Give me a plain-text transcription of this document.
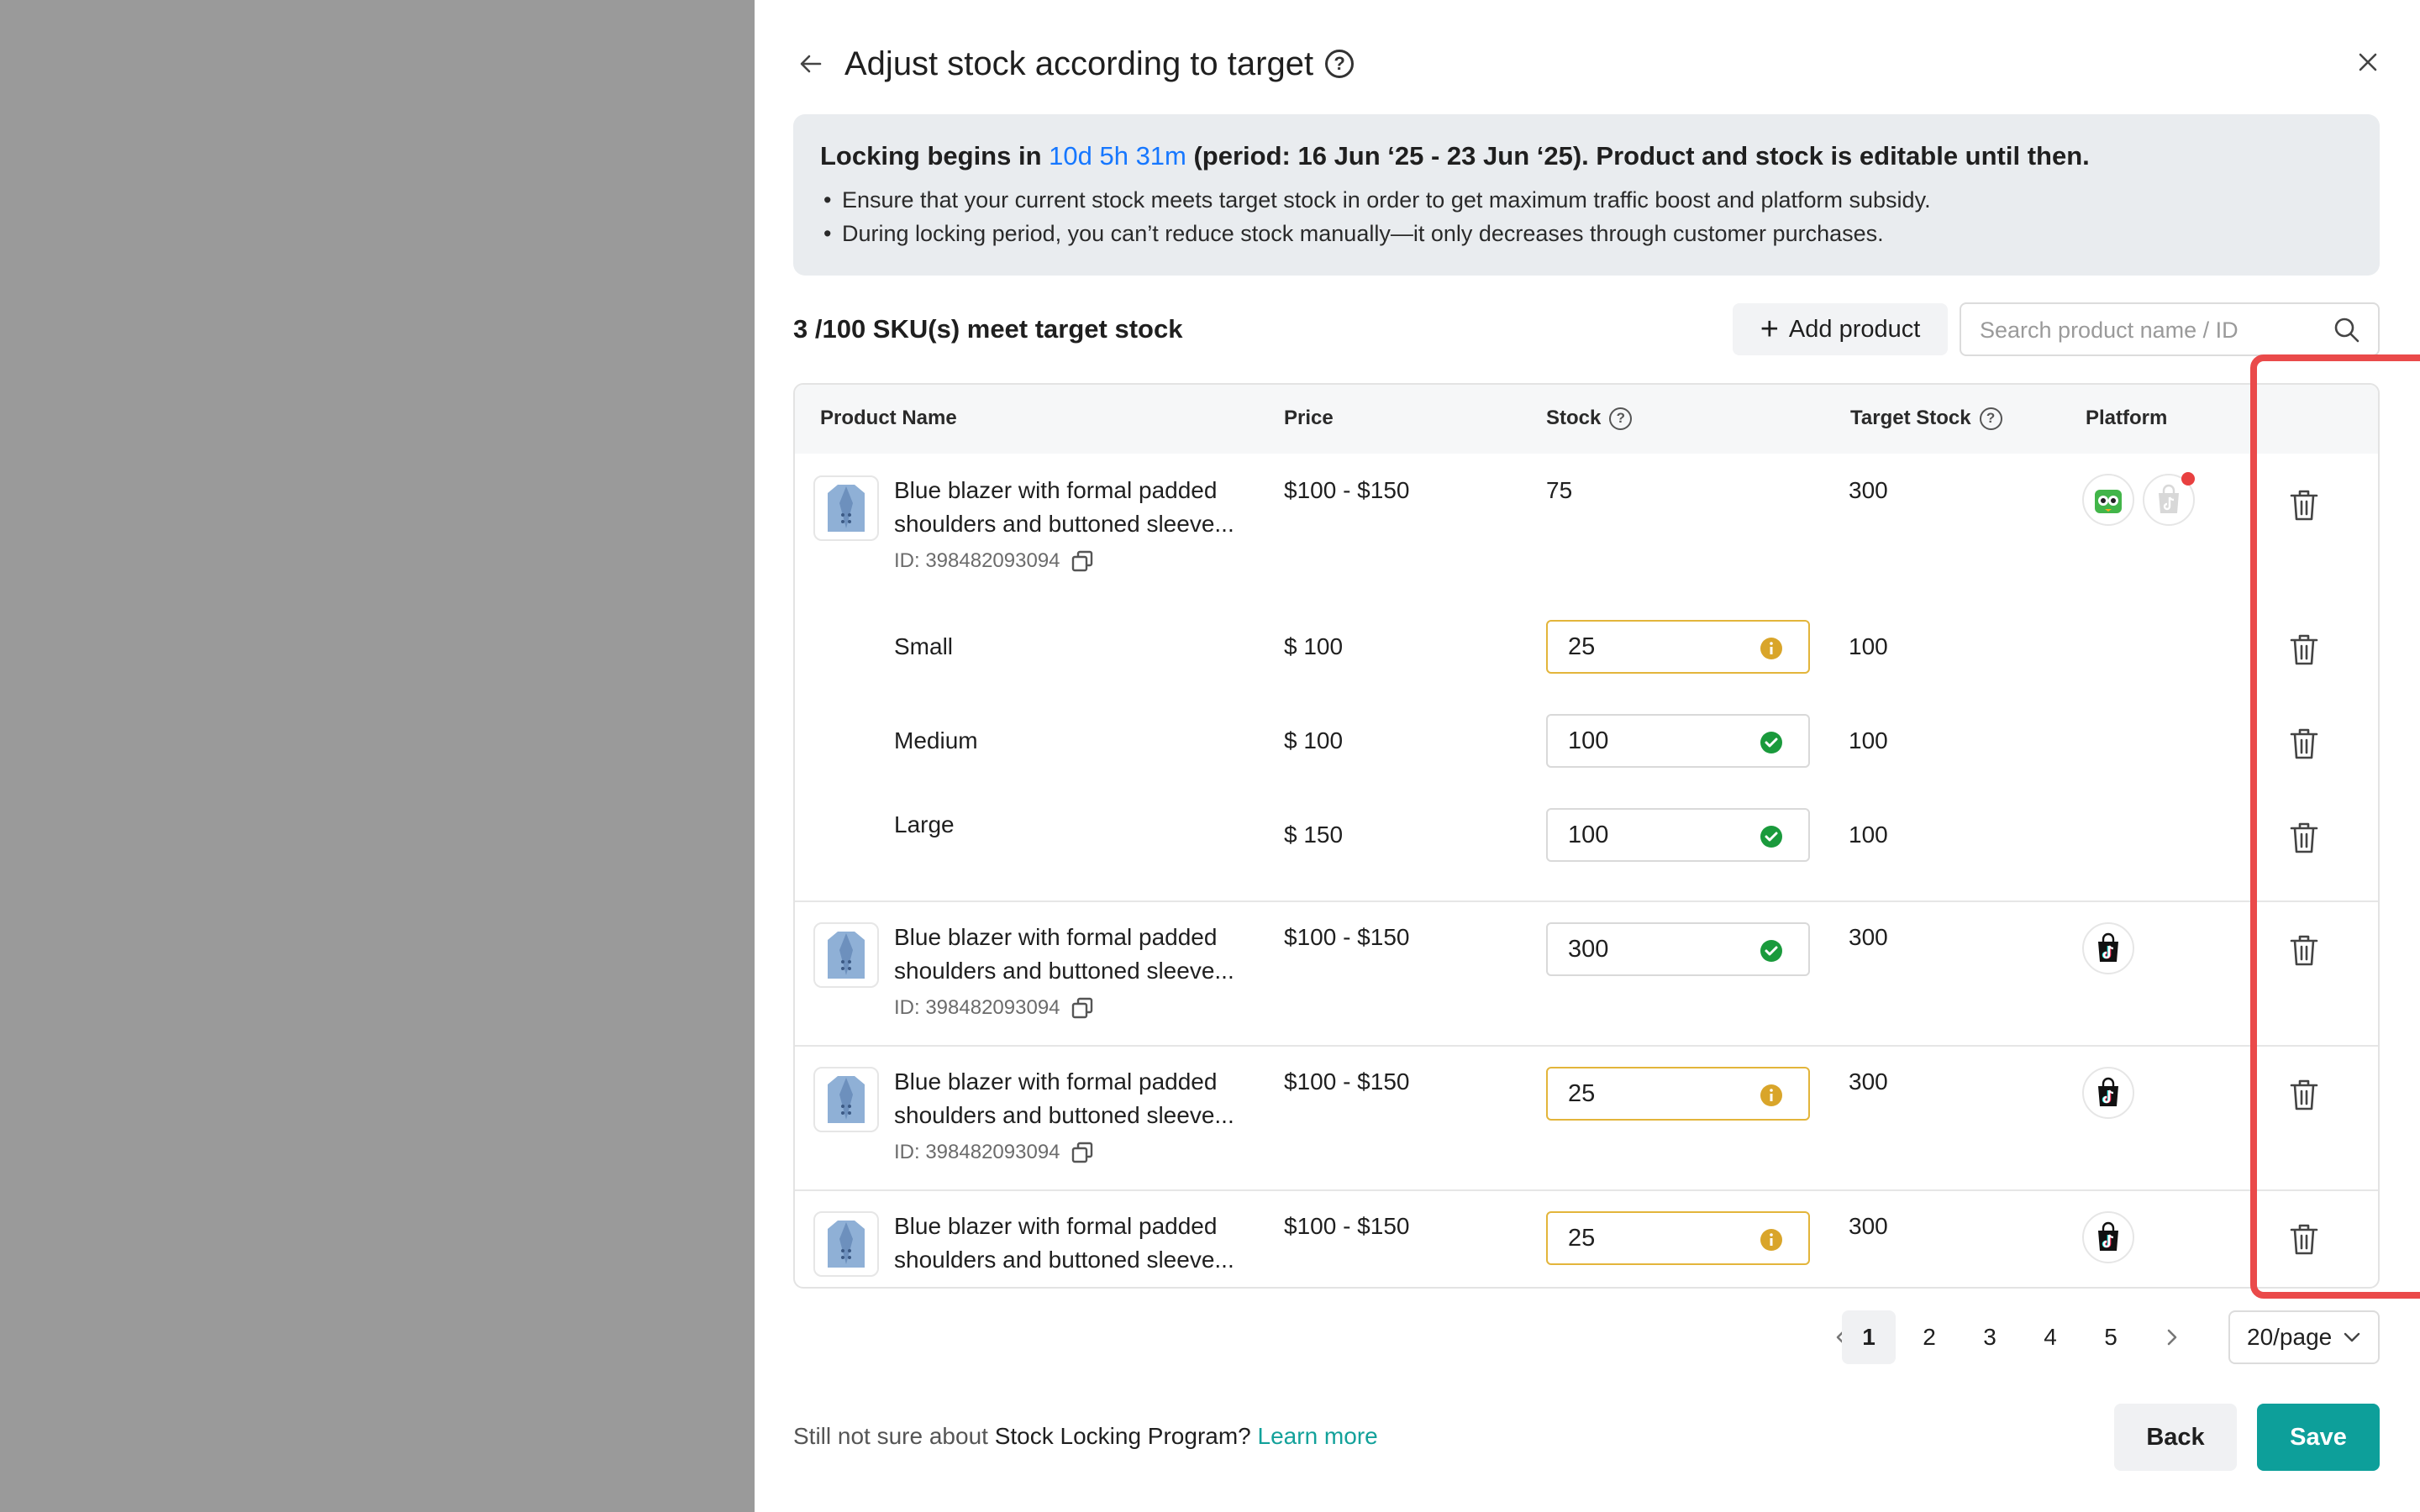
Adjust stock according to target	?
Locking begins in 10d 5h 31m (period: 16 Jun ‘25 - 23 Jun ‘25). Product and stock is editable until then.
• Ensure that your current stock meets target stock in order to get maximum traffic boost and platform subsidy.
• During locking period, you can’t reduce stock manually—it only decreases through customer purchases.
3 /100 SKU(s) meet target stock	+ Add product
Search product name / ID
Product Name	Price	Stock	?	Target Stock	?	Platform
Blue blazer with formal padded shoulders and buttoned sleeve...
ID: 398482093094
$100 - $150	75	300
Small	$ 100	25	100
Medium	$ 100	100	100
Large	$ 150	100	100
Blue blazer with formal padded shoulders and buttoned sleeve...
ID: 398482093094
$100 - $150	300	300
Blue blazer with formal padded shoulders and buttoned sleeve...
ID: 398482093094
$100 - $150	25	300
Blue blazer with formal padded shoulders and buttoned sleeve...
$100 - $150	25	300
1	2	3	4	5	20/page
Still not sure about Stock Locking Program? Learn more	Back	Save
